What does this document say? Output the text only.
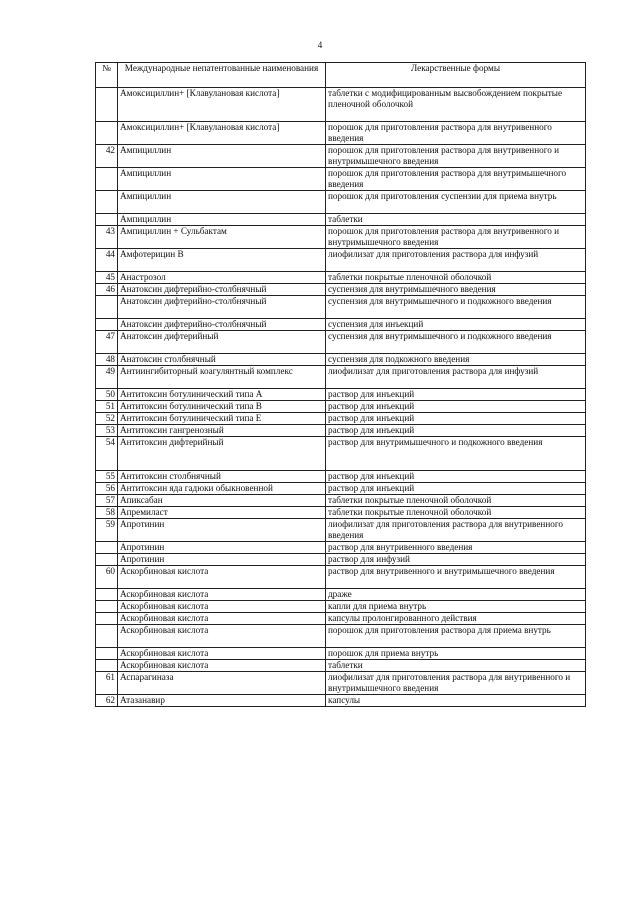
4
№	Международные непатентованные наименования	Лекарственные формы
	Амоксициллин+ [Клавулановая кислота]	таблетки с модифицированным высвобождением покрытые пленочной оболочкой
	Амоксициллин+ [Клавулановая кислота]	порошок для приготовления раствора для внутривенного введения
42	Ампициллин	порошок для приготовления раствора для внутривенного и внутримышечного введения
	Ампициллин	порошок для приготовления раствора для внутримышечного введения
	Ампициллин	порошок для приготовления суспензии для приема внутрь
	Ампициллин	таблетки
43	Ампициллин + Сульбактам	порошок для приготовления раствора для внутривенного и внутримышечного введения
44	Амфотерицин В	лиофилизат для приготовления раствора для инфузий
45	Анастрозол	таблетки покрытые пленочной оболочкой
46	Анатоксин дифтерийно-столбнячный	суспензия для внутримышечного введения
	Анатоксин дифтерийно-столбнячный	суспензия для внутримышечного и подкожного введения
	Анатоксин дифтерийно-столбнячный	суспензия для инъекций
47	Анатоксин дифтерийный	суспензия для внутримышечного и подкожного введения
48	Анатоксин столбнячный	суспензия для подкожного введения
49	Антиингибиторный коагулянтный комплекс	лиофилизат для приготовления раствора для инфузий
50	Антитоксин ботулинический типа А	раствор для инъекций
51	Антитоксин ботулинический типа В	раствор для инъекций
52	Антитоксин ботулинический типа Е	раствор для инъекций
53	Антитоксин гангренозный	раствор для инъекций
54	Антитоксин дифтерийный	раствор для внутримышечного и подкожного введения
55	Антитоксин столбнячный	раствор для инъекций
56	Антитоксин яда гадюки обыкновенной	раствор для инъекций
57	Апиксабан	таблетки покрытые пленочной оболочкой
58	Апремиласт	таблетки покрытые пленочной оболочкой
59	Апротинин	лиофилизат для приготовления раствора для внутривенного введения
	Апротинин	раствор для внутривенного введения
	Апротинин	раствор для инфузий
60	Аскорбиновая кислота	раствор для внутривенного и внутримышечного введения
	Аскорбиновая кислота	драже
	Аскорбиновая кислота	капли для приема внутрь
	Аскорбиновая кислота	капсулы пролонгированного действия
	Аскорбиновая кислота	порошок для приготовления раствора для приема внутрь
	Аскорбиновая кислота	порошок для приема внутрь
	Аскорбиновая кислота	таблетки
61	Аспарагиназа	лиофилизат для приготовления раствора для внутривенного и внутримышечного введения
62	Атазанавир	капсулы
